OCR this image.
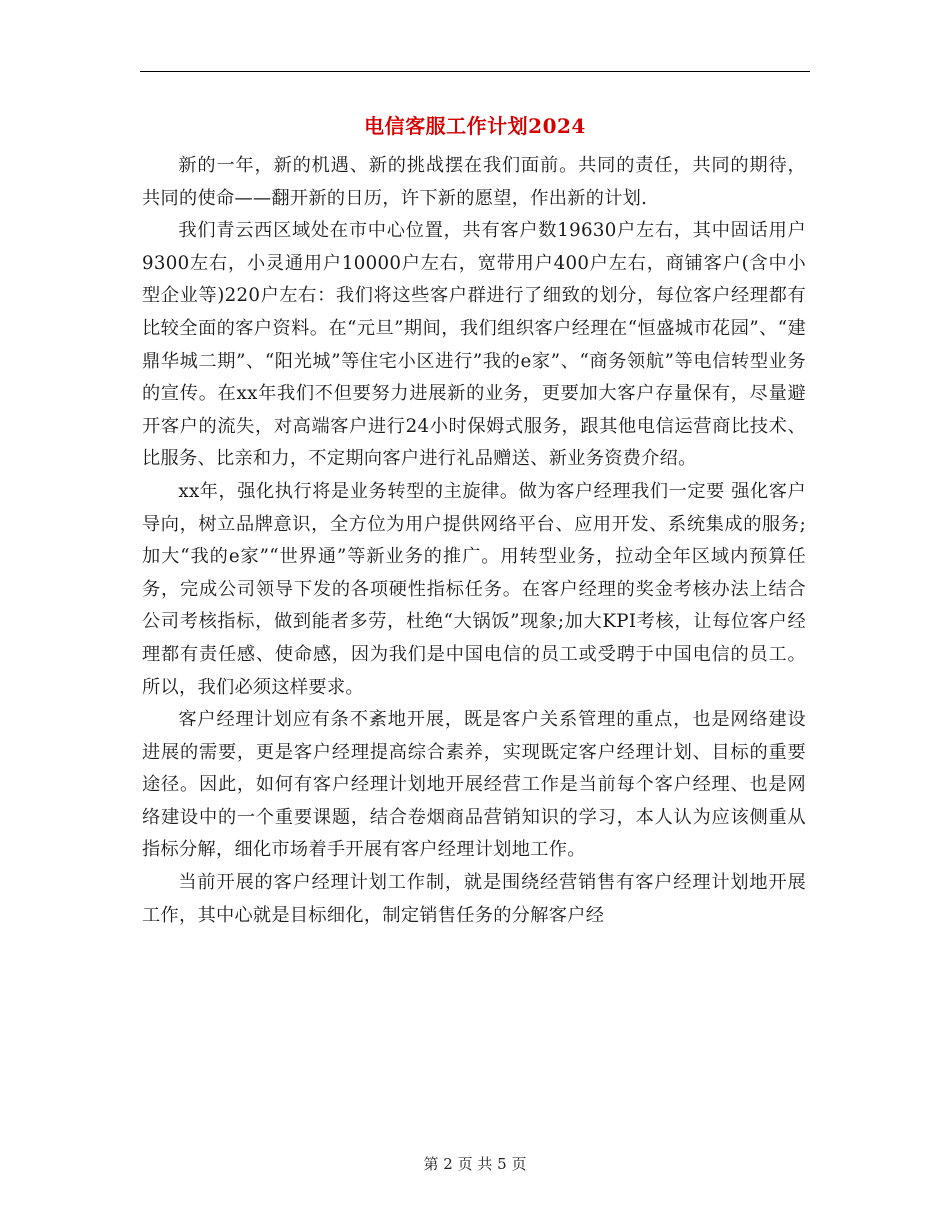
电信客服工作计划2024

新的一年，新的机遇、新的挑战摆在我们面前。共同的责任，共同的期待，共同的使命——翻开新的日历，许下新的愿望，作出新的计划.

我们青云西区域处在市中心位置，共有客户数19630户左右，其中固话用户9300左右，小灵通用户10000户左右，宽带用户400户左右，商铺客户(含中小型企业等)220户左右：我们将这些客户群进行了细致的划分，每位客户经理都有比较全面的客户资料。在“元旦”期间，我们组织客户经理在“恒盛城市花园”、“建鼎华城二期”、“阳光城”等住宅小区进行”我的e家”、“商务领航”等电信转型业务的宣传。在xx年我们不但要努力进展新的业务，更要加大客户存量保有，尽量避开客户的流失，对高端客户进行24小时保姆式服务，跟其他电信运营商比技术、比服务、比亲和力，不定期向客户进行礼品赠送、新业务资费介绍。

xx年，强化执行将是业务转型的主旋律。做为客户经理我们一定要 强化客户导向，树立品牌意识，全方位为用户提供网络平台、应用开发、系统集成的服务;加大“我的e家”“世界通”等新业务的推广。用转型业务，拉动全年区域内预算任务，完成公司领导下发的各项硬性指标任务。在客户经理的奖金考核办法上结合公司考核指标，做到能者多劳，杜绝“大锅饭”现象;加大KPI考核，让每位客户经理都有责任感、使命感，因为我们是中国电信的员工或受聘于中国电信的员工。所以，我们必须这样要求。

客户经理计划应有条不紊地开展，既是客户关系管理的重点，也是网络建设进展的需要，更是客户经理提高综合素养，实现既定客户经理计划、目标的重要途径。因此，如何有客户经理计划地开展经营工作是当前每个客户经理、也是网络建设中的一个重要课题，结合卷烟商品营销知识的学习，本人认为应该侧重从指标分解，细化市场着手开展有客户经理计划地工作。

当前开展的客户经理计划工作制，就是围绕经营销售有客户经理计划地开展工作，其中心就是目标细化，制定销售任务的分解客户经

第 2 页 共 5 页
